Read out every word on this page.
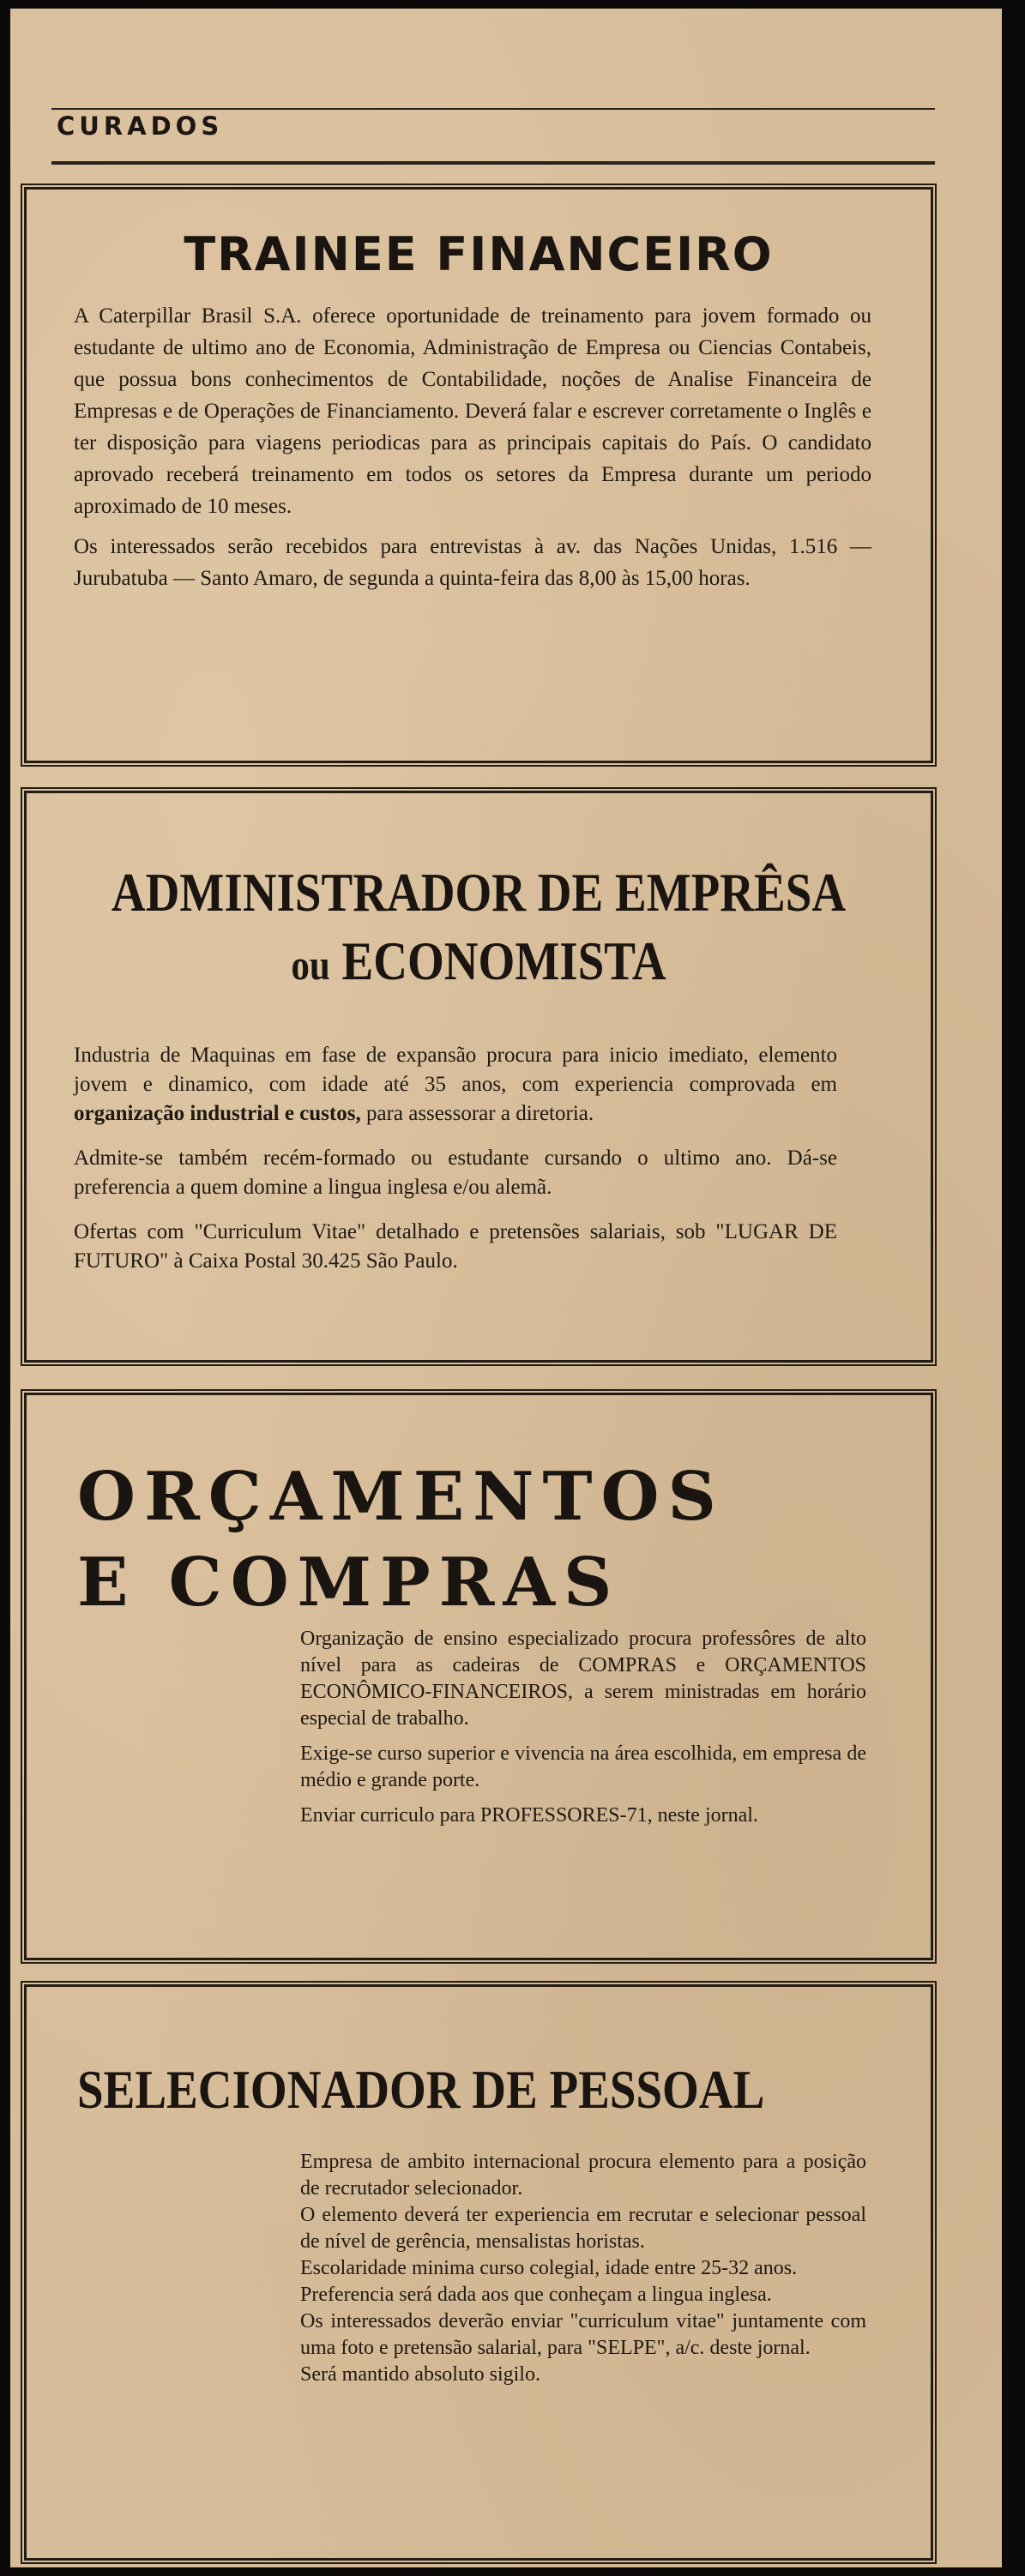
CURADOS
TRAINEE FINANCEIRO

A Caterpillar Brasil S.A. oferece oportunidade de treinamento para jovem formado ou estudante de ultimo ano de Economia, Administração de Empresa ou Ciencias Contabeis, que possua bons conhecimentos de Contabilidade, noções de Analise Financeira de Empresas e de Operações de Financiamento. Deverá falar e escrever corretamente o Inglês e ter disposição para viagens periodicas para as principais capitais do País. O candidato aprovado receberá treinamento em todos os setores da Empresa durante um periodo aproximado de 10 meses.

Os interessados serão recebidos para entrevistas à av. das Nações Unidas, 1.516 — Jurubatuba — Santo Amaro, de segunda a quinta-feira das 8,00 às 15,00 horas.

ADMINISTRADOR DE EMPRÊSA
ou ECONOMISTA

Industria de Maquinas em fase de expansão procura para inicio imediato, elemento jovem e dinamico, com idade até 35 anos, com experiencia comprovada em organização industrial e custos, para assessorar a diretoria.

Admite-se também recém-formado ou estudante cursando o ultimo ano. Dá-se preferencia a quem domine a lingua inglesa e/ou alemã.

Ofertas com "Curriculum Vitae" detalhado e pretensões salariais, sob "LUGAR DE FUTURO" à Caixa Postal 30.425 São Paulo.

ORÇAMENTOS
E COMPRAS

Organização de ensino especializado procura professôres de alto nível para as cadeiras de COMPRAS e ORÇAMENTOS ECONÔMICO-FINANCEIROS, a serem ministradas em horário especial de trabalho.

Exige-se curso superior e vivencia na área escolhida, em empresa de médio e grande porte.

Enviar curriculo para PROFESSORES-71, neste jornal.

SELECIONADOR DE PESSOAL

Empresa de ambito internacional procura elemento para a posição de recrutador selecionador.

O elemento deverá ter experiencia em recrutar e selecionar pessoal de nível de gerência, mensalistas horistas.

Escolaridade minima curso colegial, idade entre 25-32 anos.

Preferencia será dada aos que conheçam a lingua inglesa.

Os interessados deverão enviar "curriculum vitae" juntamente com uma foto e pretensão salarial, para "SELPE", a/c. deste jornal.

Será mantido absoluto sigilo.
